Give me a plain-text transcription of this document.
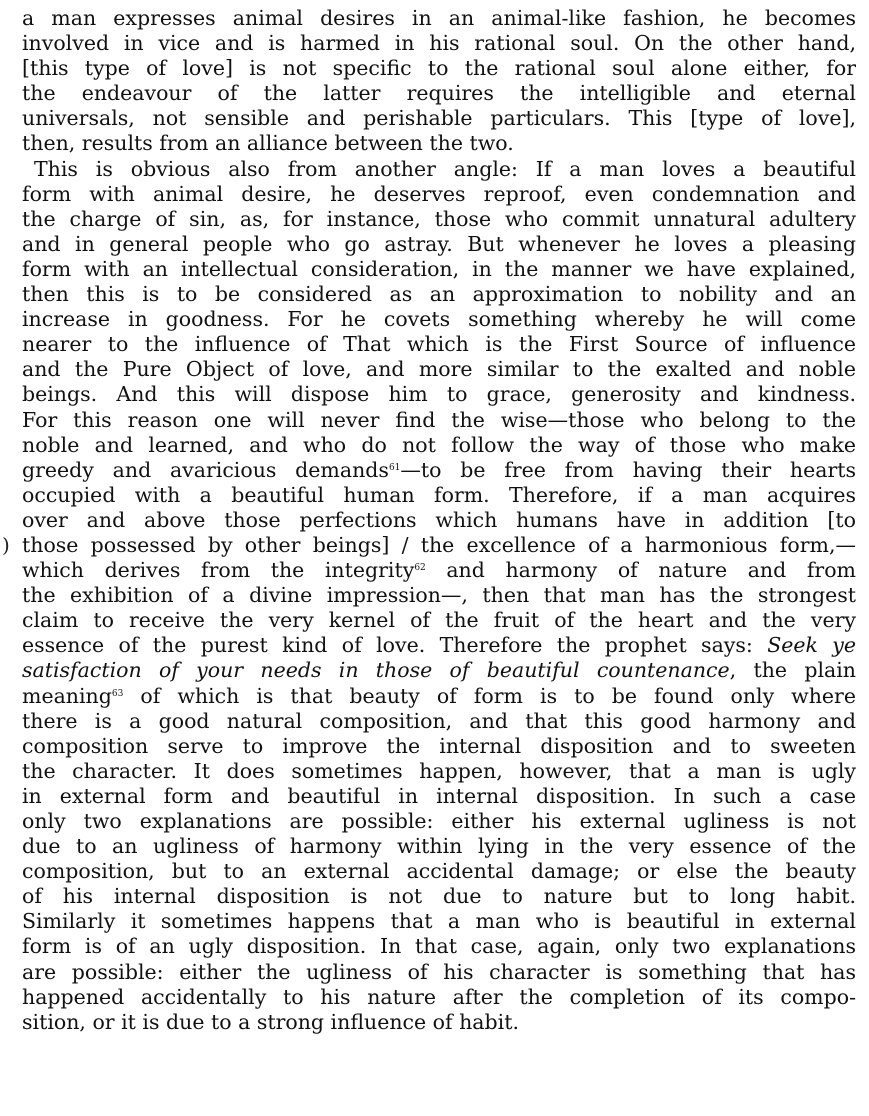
a man expresses animal desires in an animal-like fashion, he becomes
involved in vice and is harmed in his rational soul. On the other hand,
[this type of love] is not specific to the rational soul alone either, for
the endeavour of the latter requires the intelligible and eternal
universals, not sensible and perishable particulars. This [type of love],
then, results from an alliance between the two.
This is obvious also from another angle: If a man loves a beautiful
form with animal desire, he deserves reproof, even condemnation and
the charge of sin, as, for instance, those who commit unnatural adultery
and in general people who go astray. But whenever he loves a pleasing
form with an intellectual consideration, in the manner we have explained,
then this is to be considered as an approximation to nobility and an
increase in goodness. For he covets something whereby he will come
nearer to the influence of That which is the First Source of influence
and the Pure Object of love, and more similar to the exalted and noble
beings. And this will dispose him to grace, generosity and kindness.
For this reason one will never find the wise—those who belong to the
noble and learned, and who do not follow the way of those who make
greedy and avaricious demands$^{61}$—to be free from having their hearts
occupied with a beautiful human form. Therefore, if a man acquires
over and above those perfections which humans have in addition [to
) those possessed by other beings] / the excellence of a harmonious form,—
which derives from the integrity$^{62}$ and harmony of nature and from
the exhibition of a divine impression—, then that man has the strongest
claim to receive the very kernel of the fruit of the heart and the very
essence of the purest kind of love. Therefore the prophet says: Seek ye
satisfaction of your needs in those of beautiful countenance, the plain
meaning$^{63}$ of which is that beauty of form is to be found only where
there is a good natural composition, and that this good harmony and
composition serve to improve the internal disposition and to sweeten
the character. It does sometimes happen, however, that a man is ugly
in external form and beautiful in internal disposition. In such a case
only two explanations are possible: either his external ugliness is not
due to an ugliness of harmony within lying in the very essence of the
composition, but to an external accidental damage; or else the beauty
of his internal disposition is not due to nature but to long habit.
Similarly it sometimes happens that a man who is beautiful in external
form is of an ugly disposition. In that case, again, only two explanations
are possible: either the ugliness of his character is something that has
happened accidentally to his nature after the completion of its compo-
sition, or it is due to a strong influence of habit.
